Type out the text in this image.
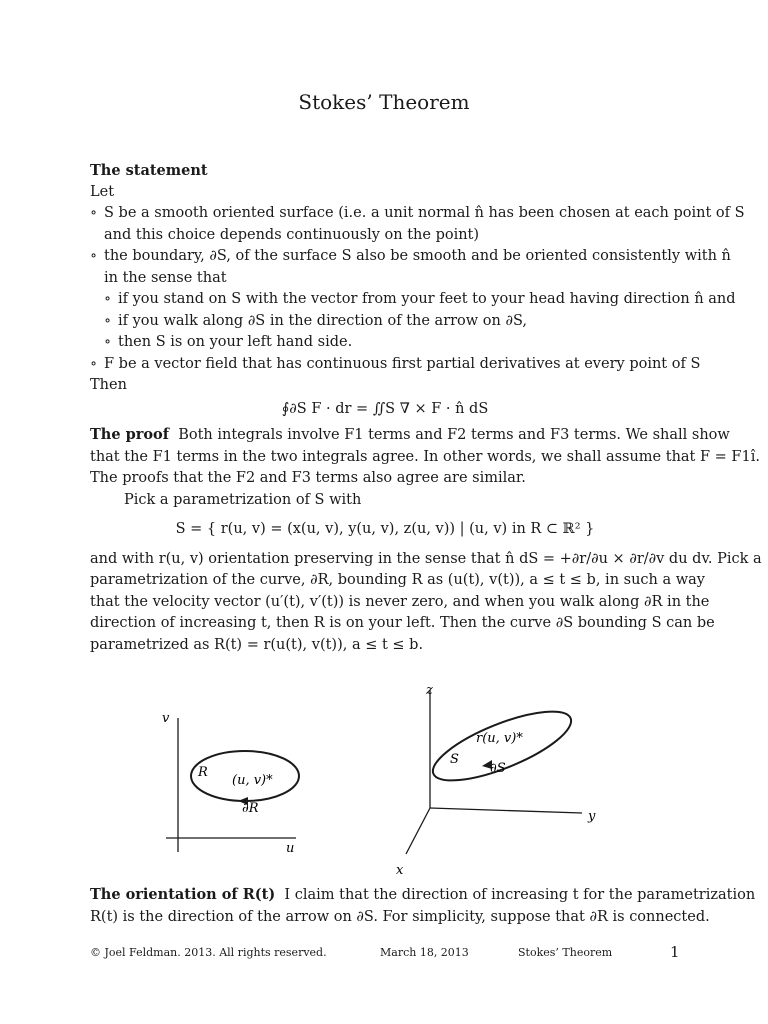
Stokes’ Theorem
The statement
Let
∘ S be a smooth oriented surface (i.e. a unit normal n̂ has been chosen at each point of S
and this choice depends continuously on the point)
∘ the boundary, ∂S, of the surface S also be smooth and be oriented consistently with n̂
in the sense that
∘ if you stand on S with the vector from your feet to your head having direction n̂ and
∘ if you walk along ∂S in the direction of the arrow on ∂S,
∘ then S is on your left hand side.
∘ F be a vector field that has continuous first partial derivatives at every point of S
Then
∮∂S F · dr = ∬S ∇ × F · n̂ dS
The proof Both integrals involve F1 terms and F2 terms and F3 terms. We shall show
that the F1 terms in the two integrals agree. In other words, we shall assume that F = F1î.
The proofs that the F2 and F3 terms also agree are similar.
Pick a parametrization of S with
S = { r(u, v) = (x(u, v), y(u, v), z(u, v)) | (u, v) in R ⊂ ℝ² }
and with r(u, v) orientation preserving in the sense that n̂ dS = +∂r/∂u × ∂r/∂v du dv. Pick a
parametrization of the curve, ∂R, bounding R as (u(t), v(t)), a ≤ t ≤ b, in such a way
that the velocity vector (u′(t), v′(t)) is never zero, and when you walk along ∂R in the
direction of increasing t, then R is on your left. Then the curve ∂S bounding S can be
parametrized as R(t) = r(u(t), v(t)), a ≤ t ≤ b.
v
u
R
(u, v)*
∂R
z
y
x
S
r(u, v)*
∂S
The orientation of R(t) I claim that the direction of increasing t for the parametrization
R(t) is the direction of the arrow on ∂S. For simplicity, suppose that ∂R is connected.
© Joel Feldman. 2013. All rights reserved.	March 18, 2013	Stokes’ Theorem	1
